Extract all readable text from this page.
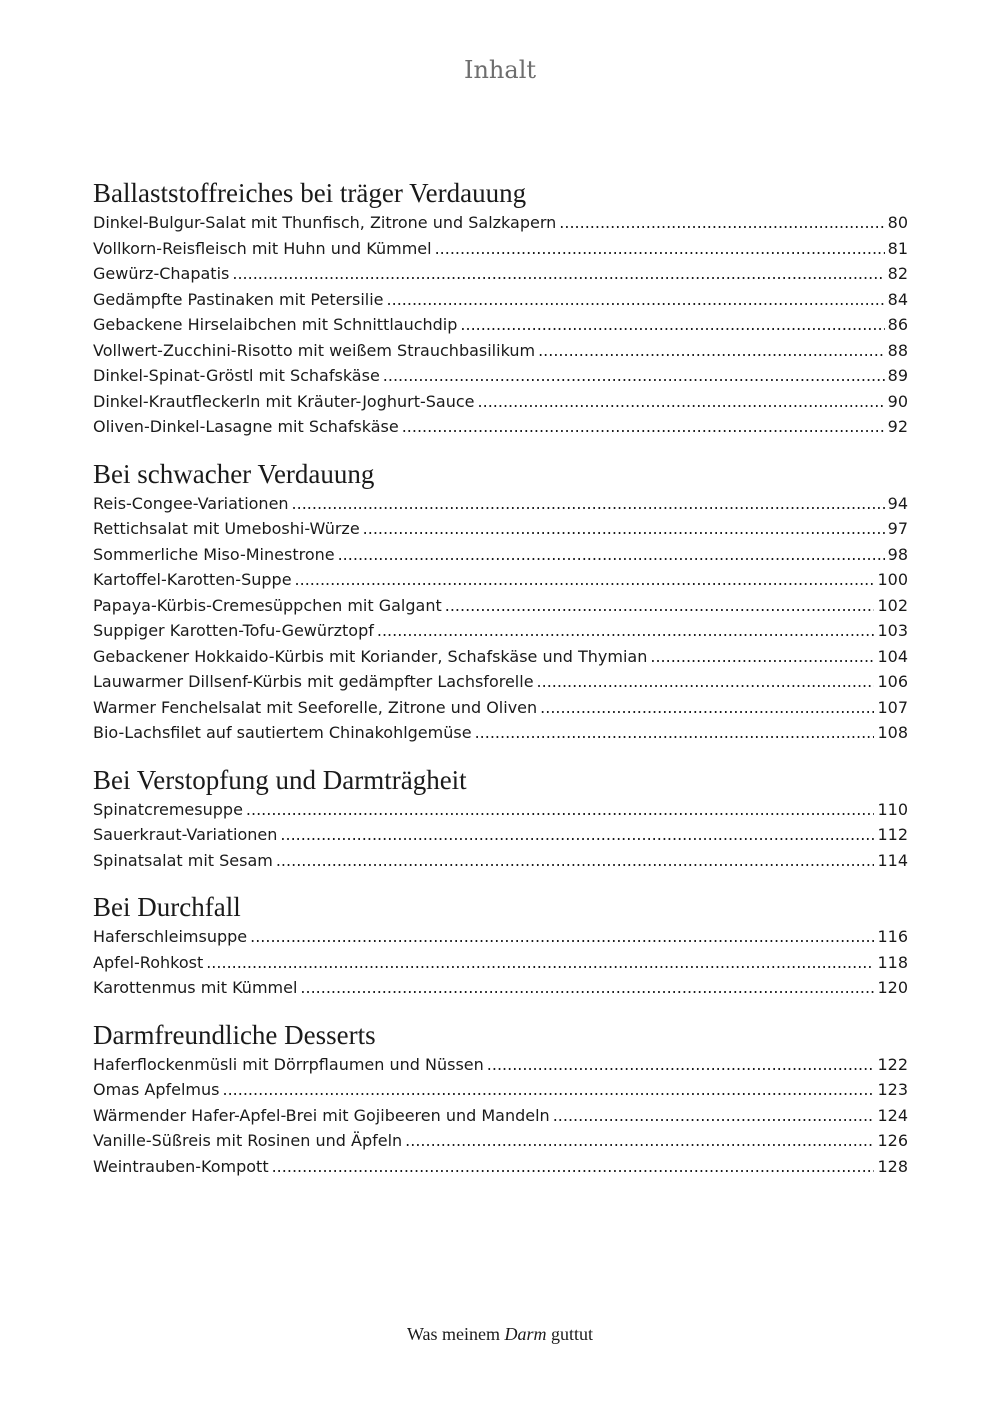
Inhalt
Ballaststoffreiches bei träger Verdauung
Dinkel-Bulgur-Salat mit Thunfisch, Zitrone und Salzkapern .....	80
Vollkorn-Reisfleisch mit Huhn und Kümmel .....	81
Gewürz-Chapatis .....	82
Gedämpfte Pastinaken mit Petersilie .....	84
Gebackene Hirselaibchen mit Schnittlauchdip .....	86
Vollwert-Zucchini-Risotto mit weißem Strauchbasilikum .....	88
Dinkel-Spinat-Gröstl mit Schafskäse .....	89
Dinkel-Krautfleckerln mit Kräuter-Joghurt-Sauce .....	90
Oliven-Dinkel-Lasagne mit Schafskäse .....	92
Bei schwacher Verdauung
Reis-Congee-Variationen .....	94
Rettichsalat mit Umeboshi-Würze .....	97
Sommerliche Miso-Minestrone .....	98
Kartoffel-Karotten-Suppe .....	100
Papaya-Kürbis-Cremesüppchen mit Galgant .....	102
Suppiger Karotten-Tofu-Gewürztopf .....	103
Gebackener Hokkaido-Kürbis mit Koriander, Schafskäse und Thymian .....	104
Lauwarmer Dillsenf-Kürbis mit gedämpfter Lachsforelle .....	106
Warmer Fenchelsalat mit Seeforelle, Zitrone und Oliven .....	107
Bio-Lachsfilet auf sautiertem Chinakohlgemüse .....	108
Bei Verstopfung und Darmträgheit
Spinatcremesuppe .....	110
Sauerkraut-Variationen .....	112
Spinatsalat mit Sesam .....	114
Bei Durchfall
Haferschleimsuppe .....	116
Apfel-Rohkost .....	118
Karottenmus mit Kümmel .....	120
Darmfreundliche Desserts
Haferflockenmüsli mit Dörrpflaumen und Nüssen .....	122
Omas Apfelmus .....	123
Wärmender Hafer-Apfel-Brei mit Gojibeeren und Mandeln .....	124
Vanille-Süßreis mit Rosinen und Äpfeln .....	126
Weintrauben-Kompott .....	128
Was meinem Darm guttut
